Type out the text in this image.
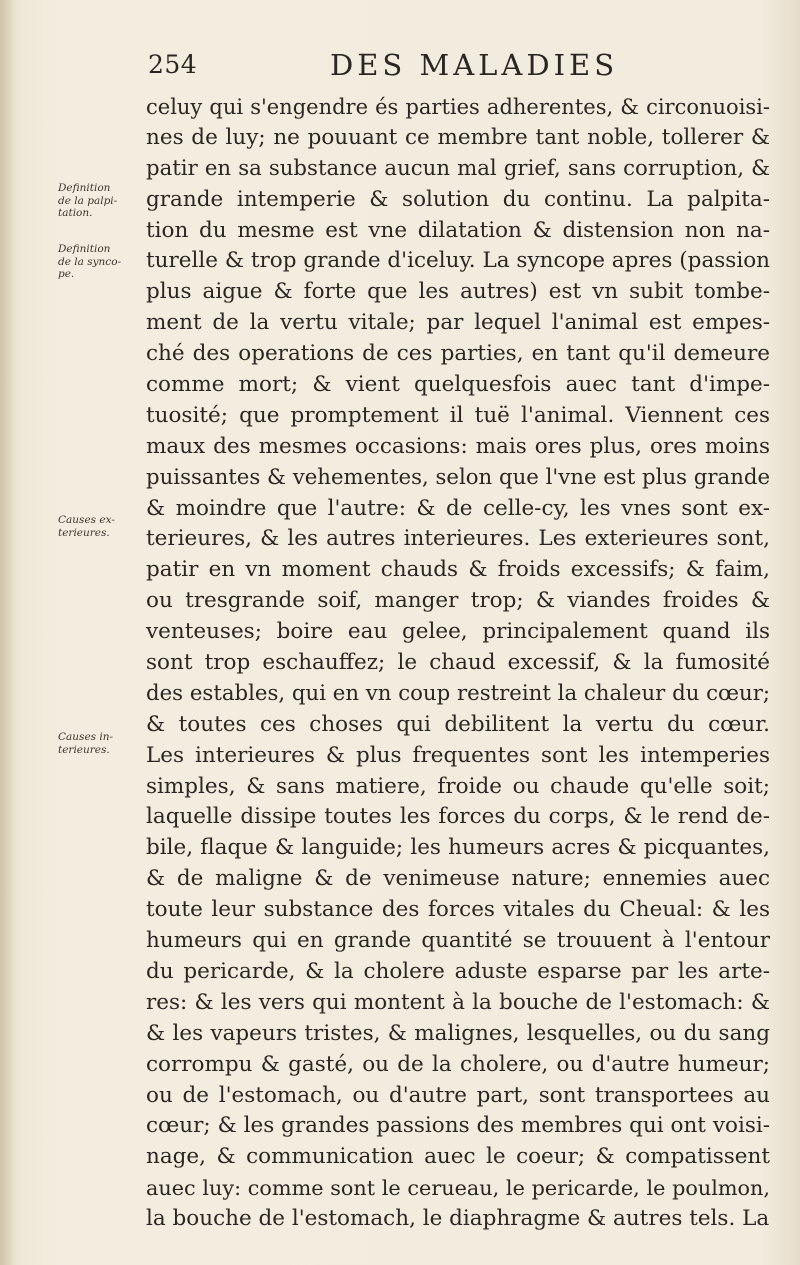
254	DES MALADIES
celuy qui s'engendre és parties adherentes, & circonuoisi-
nes de luy; ne pouuant ce membre tant noble, tollerer &
patir en sa substance aucun mal grief, sans corruption, &
grande intemperie & solution du continu. La palpita-
tion du mesme est vne dilatation & distension non na-
turelle & trop grande d'iceluy. La syncope apres (passion
plus aigue & forte que les autres) est vn subit tombe-
ment de la vertu vitale; par lequel l'animal est empes-
ché des operations de ces parties, en tant qu'il demeure
comme mort; & vient quelquesfois auec tant d'impe-
tuosité; que promptement il tuë l'animal. Viennent ces
maux des mesmes occasions: mais ores plus, ores moins
puissantes & vehementes, selon que l'vne est plus grande
& moindre que l'autre: & de celle-cy, les vnes sont ex-
terieures, & les autres interieures. Les exterieures sont,
patir en vn moment chauds & froids excessifs; & faim,
ou tresgrande soif, manger trop; & viandes froides &
venteuses; boire eau gelee, principalement quand ils
sont trop eschauffez; le chaud excessif, & la fumosité
des estables, qui en vn coup restreint la chaleur du cœur;
& toutes ces choses qui debilitent la vertu du cœur.
Les interieures & plus frequentes sont les intemperies
simples, & sans matiere, froide ou chaude qu'elle soit;
laquelle dissipe toutes les forces du corps, & le rend de-
bile, flaque & languide; les humeurs acres & picquantes,
& de maligne & de venimeuse nature; ennemies auec
toute leur substance des forces vitales du Cheual: & les
humeurs qui en grande quantité se trouuent à l'entour
du pericarde, & la cholere aduste esparse par les arte-
res: & les vers qui montent à la bouche de l'estomach: &
& les vapeurs tristes, & malignes, lesquelles, ou du sang
corrompu & gasté, ou de la cholere, ou d'autre humeur;
ou de l'estomach, ou d'autre part, sont transportees au
cœur; & les grandes passions des membres qui ont voisi-
nage, & communication auec le coeur; & compatissent
auec luy: comme sont le cerueau, le pericarde, le poulmon,
la bouche de l'estomach, le diaphragme & autres tels. La
Definition
de la palpi-
tation.
Definition
de la synco-
pe.
Causes ex-
terieures.
Causes in-
terieures.
